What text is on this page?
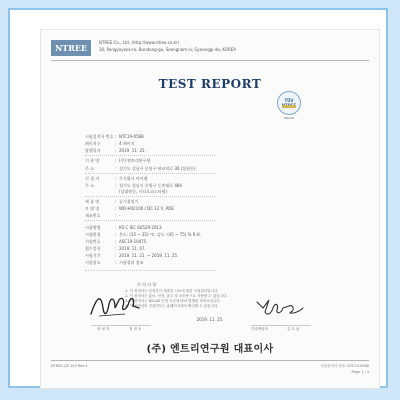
NTREE
NTREE Co., Ltd. (http://www.ntree.co.kr)
30, Pangyoyeok-ro, Bundang-gu, Seongnam-si, Gyeonggi-do, KOREA
TEST REPORT
TÜV
KOLAS
시험성적서 번호 : NTC19-0568
페이지수	: 4 페이지
발행일자	: 2019. 11. 25.
기 관 명	: (주) 엔트리연구원
주 소	: 경기도 성남시 분당구 판교역로 30 (삼평동)
신 청 자	: 주식회사 아이엠
주 소	: 경기도 성남시 중원구 둔촌대로 484
(상대원동, 시티오피스타워)
제 품 명	: 공기청정기
모 델 명	: WD-H02100 / DC 12 V, PDE
제조번호	: -
시험방법	: KS C IEC 60529:2013
시험환경	: 온도: (15 ~ 35) ℃, 습도: (45 ~ 75) % R.H.
시험번호	: ASC19-10475
접수일자	: 2019. 11. 07.
시험기간	: 2019. 11. 21. ~ 2019. 11. 25.
시험장소	: 시험결과 참조
주 의 사 항
1. 이 성적서는 신청자가 제출한 시료에 대한 시험결과입니다.
2. 이 성적서는 홍보, 선전, 광고 및 소송용으로 사용할 수 없습니다.
3. 이 성적서는 KOLAS 인정 기준에 따라 발행된 성적서입니다.
4. 이 성적서의 진위여부는 홈페이지에서 확인할 수 있습니다.
2019. 11. 25.
작 성 자	정 현 욱	기술책임자	김 도 윤
(주) 엔트리연구원 대표이사
NTREE-QP-103 Rev.3	시험성적서 번호: NTC19-0568
Page 1 / 4
